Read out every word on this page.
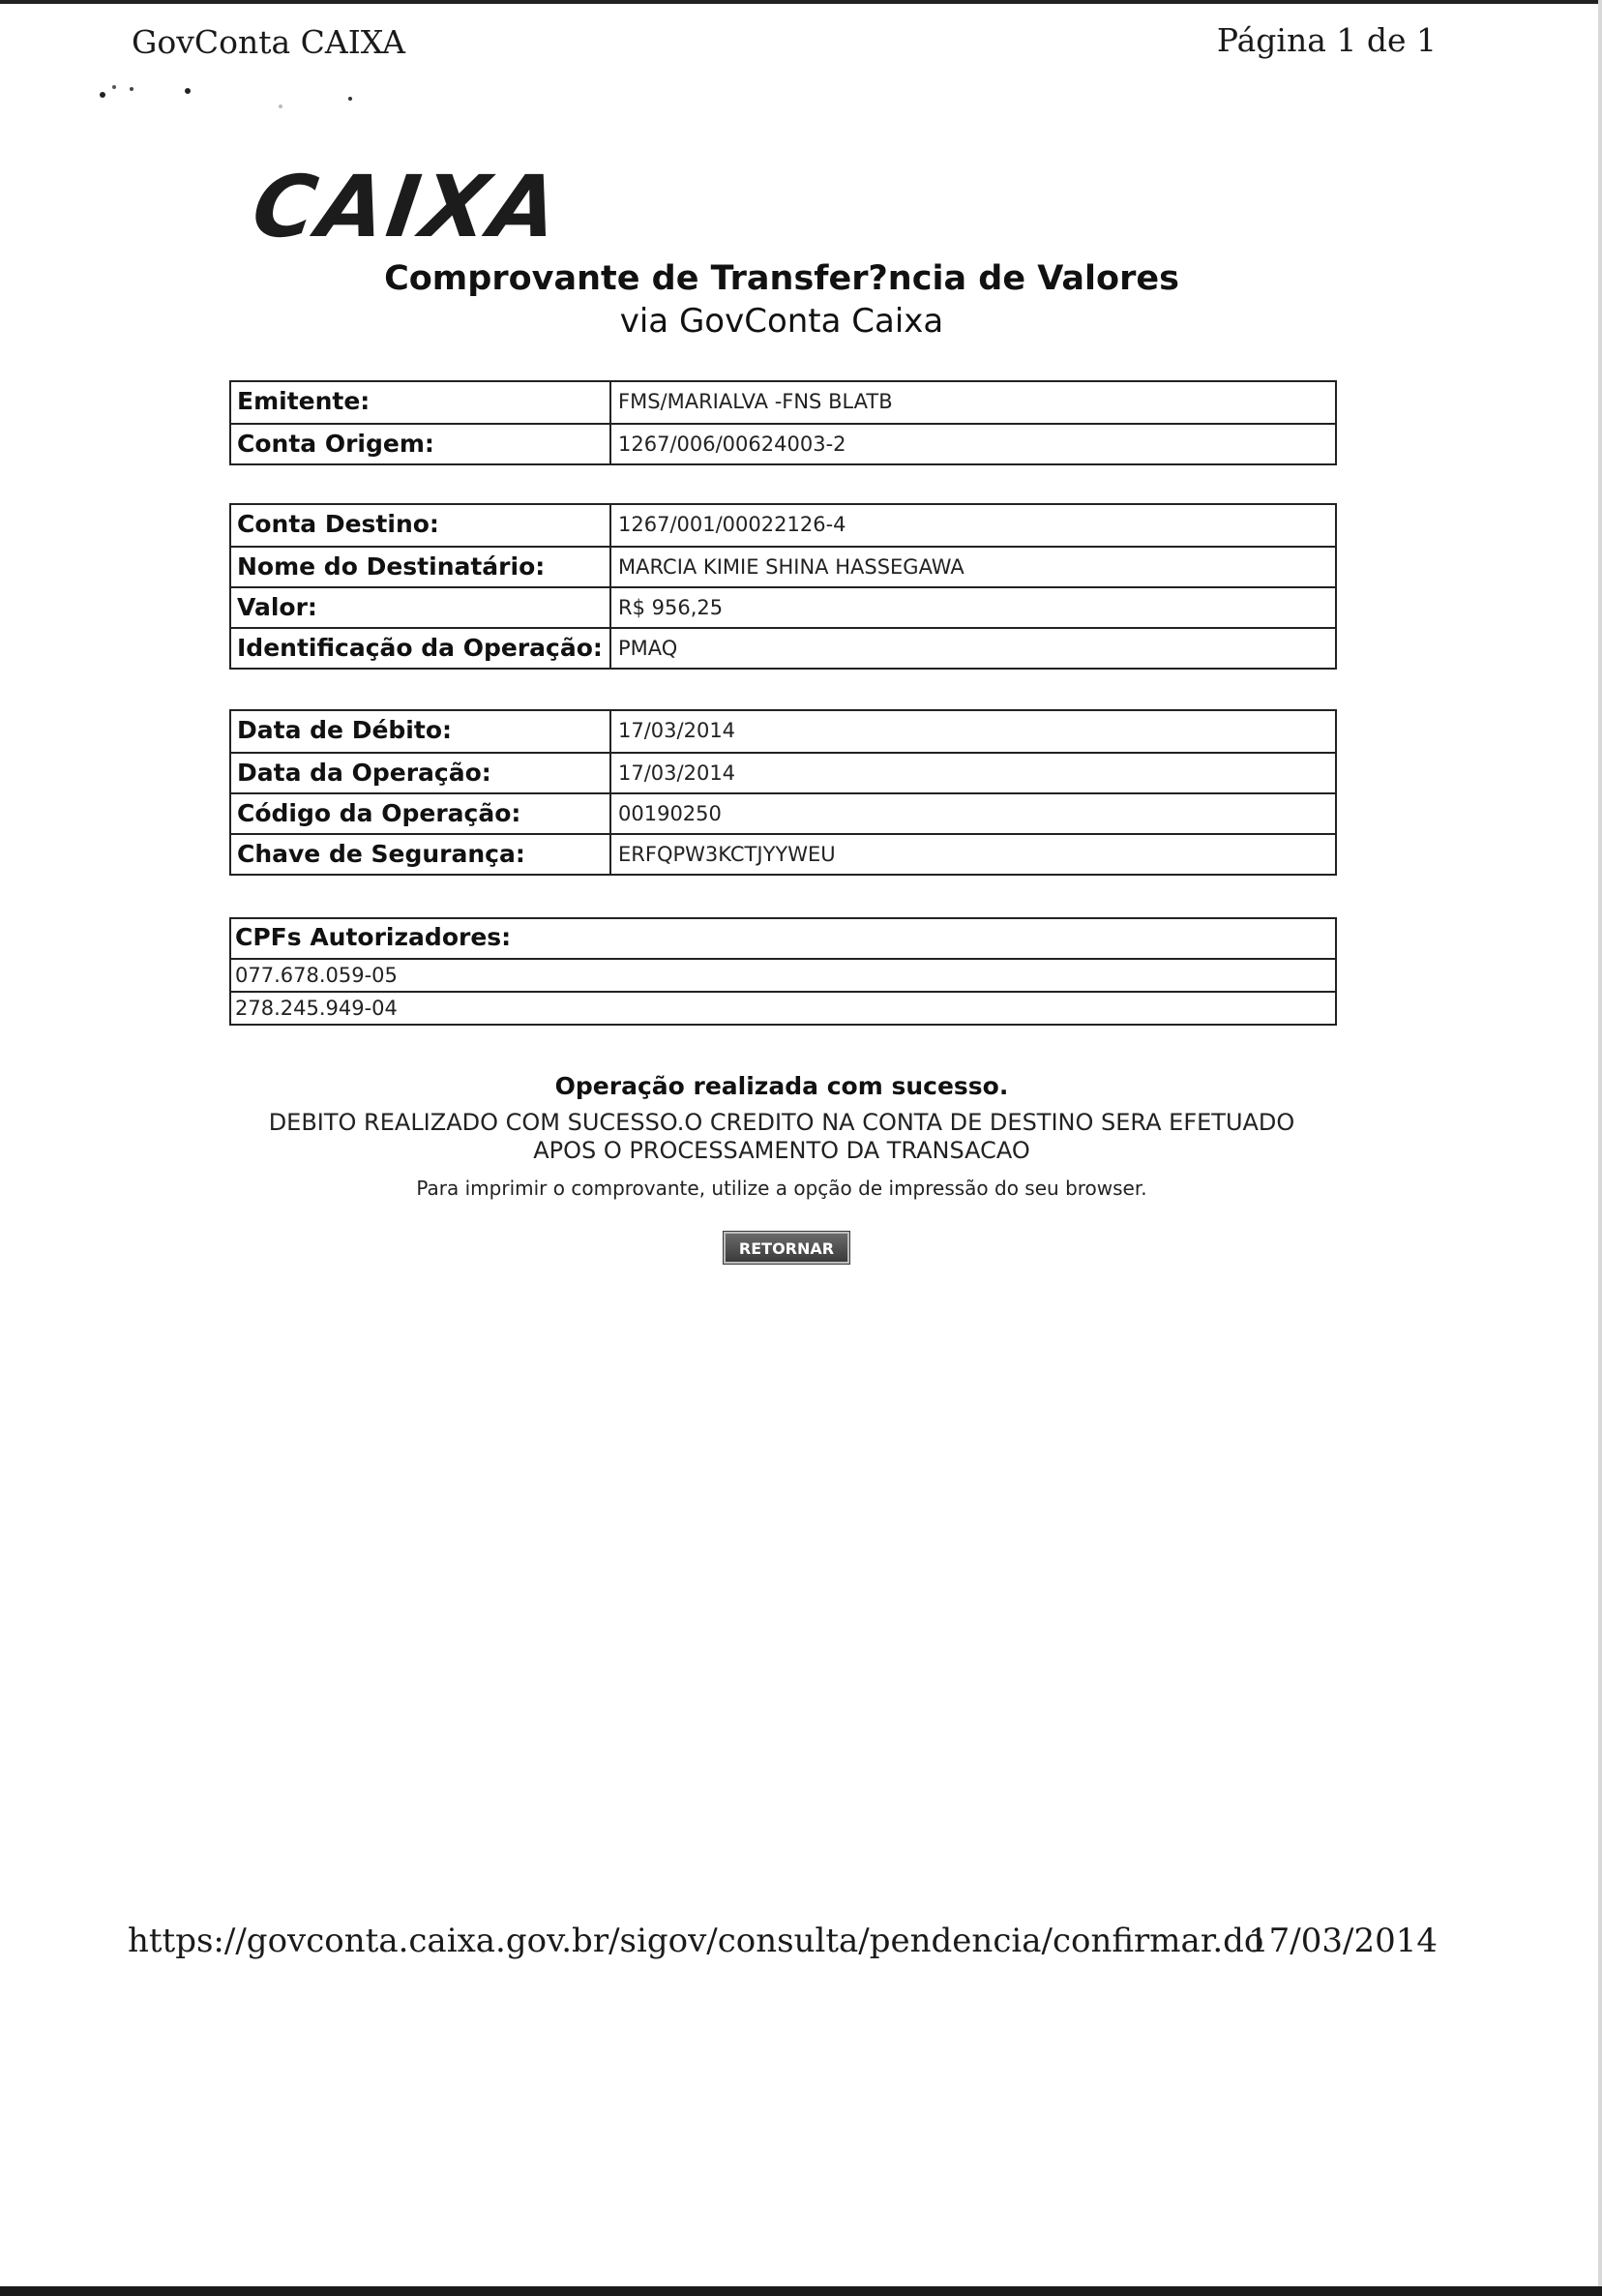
GovConta CAIXA	Página 1 de 1
CAIXA
Comprovante de Transfer?ncia de Valores
via GovConta Caixa
Emitente:	FMS/MARIALVA -FNS BLATB
Conta Origem:	1267/006/00624003-2
Conta Destino:	1267/001/00022126-4
Nome do Destinatário:	MARCIA KIMIE SHINA HASSEGAWA
Valor:	R$ 956,25
Identificação da Operação: PMAQ
Data de Débito:	17/03/2014
Data da Operação:	17/03/2014
Código da Operação:	00190250
Chave de Segurança:	ERFQPW3KCTJYYWEU
CPFs Autorizadores:
077.678.059-05
278.245.949-04
Operação realizada com sucesso.
DEBITO REALIZADO COM SUCESSO.O CREDITO NA CONTA DE DESTINO SERA EFETUADO
APOS O PROCESSAMENTO DA TRANSACAO
Para imprimir o comprovante, utilize a opção de impressão do seu browser.
RETORNAR
https://govconta.caixa.gov.br/sigov/consulta/pendencia/confirmar.do
17/03/2014
